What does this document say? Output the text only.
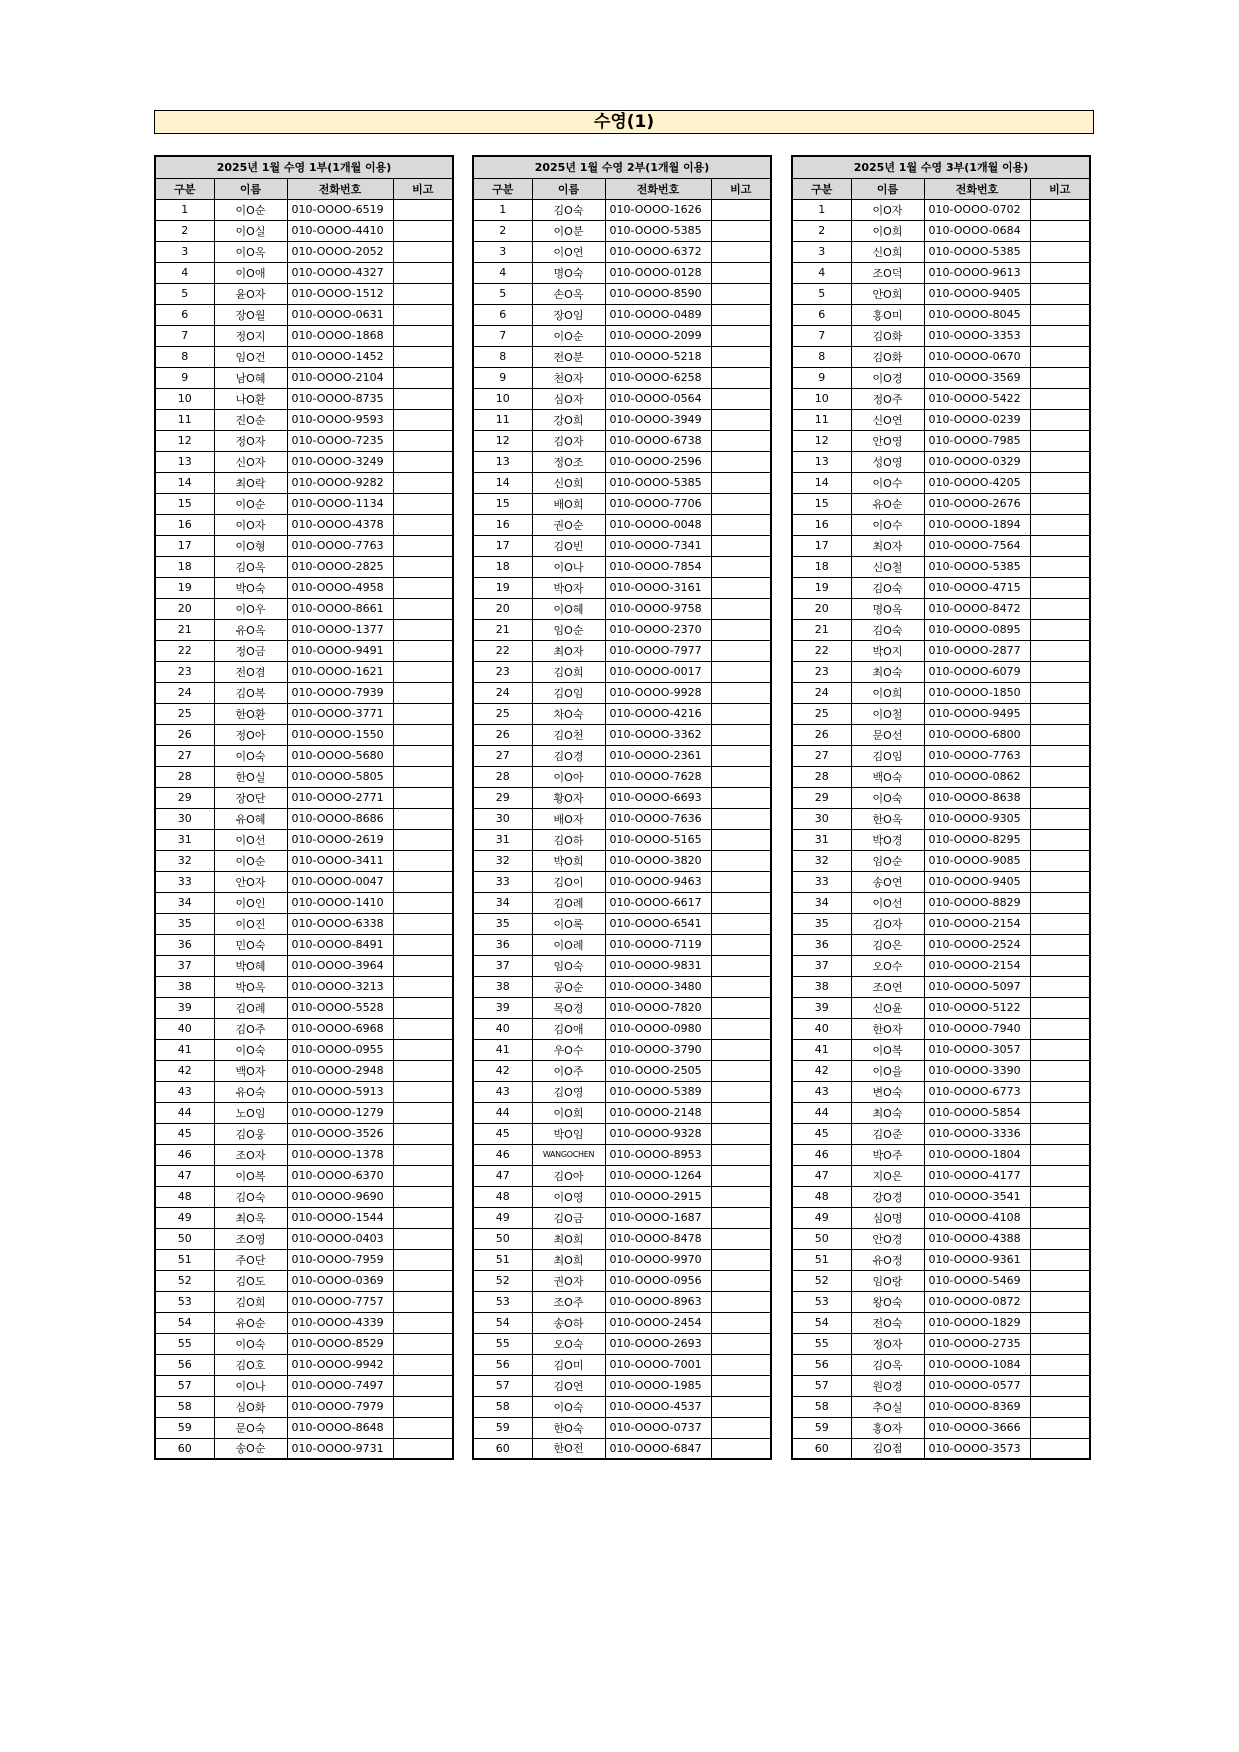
수영(1)
2025년 1월 수영 1부(1개월 이용)			
구분	이름	전화번호	비고
1	이O순	010-OOOO-6519	
2	이O실	010-OOOO-4410	
3	이O옥	010-OOOO-2052	
4	이O애	010-OOOO-4327	
5	윤O자	010-OOOO-1512	
6	장O월	010-OOOO-0631	
7	정O지	010-OOOO-1868	
8	임O건	010-OOOO-1452	
9	남O혜	010-OOOO-2104	
10	나O환	010-OOOO-8735	
11	진O순	010-OOOO-9593	
12	정O자	010-OOOO-7235	
13	신O자	010-OOOO-3249	
14	최O락	010-OOOO-9282	
15	이O순	010-OOOO-1134	
16	이O자	010-OOOO-4378	
17	이O형	010-OOOO-7763	
18	김O옥	010-OOOO-2825	
19	박O숙	010-OOOO-4958	
20	이O우	010-OOOO-8661	
21	유O옥	010-OOOO-1377	
22	정O금	010-OOOO-9491	
23	전O겸	010-OOOO-1621	
24	김O복	010-OOOO-7939	
25	한O환	010-OOOO-3771	
26	정O아	010-OOOO-1550	
27	이O숙	010-OOOO-5680	
28	한O실	010-OOOO-5805	
29	장O단	010-OOOO-2771	
30	유O혜	010-OOOO-8686	
31	이O선	010-OOOO-2619	
32	이O순	010-OOOO-3411	
33	안O자	010-OOOO-0047	
34	이O인	010-OOOO-1410	
35	이O진	010-OOOO-6338	
36	민O숙	010-OOOO-8491	
37	박O혜	010-OOOO-3964	
38	박O옥	010-OOOO-3213	
39	김O례	010-OOOO-5528	
40	김O주	010-OOOO-6968	
41	이O숙	010-OOOO-0955	
42	백O자	010-OOOO-2948	
43	유O숙	010-OOOO-5913	
44	노O임	010-OOOO-1279	
45	김O웅	010-OOOO-3526	
46	조O자	010-OOOO-1378	
47	이O복	010-OOOO-6370	
48	김O숙	010-OOOO-9690	
49	최O옥	010-OOOO-1544	
50	조O영	010-OOOO-0403	
51	주O단	010-OOOO-7959	
52	김O도	010-OOOO-0369	
53	김O희	010-OOOO-7757	
54	유O순	010-OOOO-4339	
55	이O숙	010-OOOO-8529	
56	김O호	010-OOOO-9942	
57	이O나	010-OOOO-7497	
58	심O화	010-OOOO-7979	
59	문O숙	010-OOOO-8648	
60	송O순	010-OOOO-9731	
2025년 1월 수영 2부(1개월 이용)			
구분	이름	전화번호	비고
1	김O숙	010-OOOO-1626	
2	이O분	010-OOOO-5385	
3	이O연	010-OOOO-6372	
4	명O숙	010-OOOO-0128	
5	손O옥	010-OOOO-8590	
6	장O임	010-OOOO-0489	
7	이O순	010-OOOO-2099	
8	전O분	010-OOOO-5218	
9	천O자	010-OOOO-6258	
10	심O자	010-OOOO-0564	
11	강O희	010-OOOO-3949	
12	김O자	010-OOOO-6738	
13	정O조	010-OOOO-2596	
14	신O희	010-OOOO-5385	
15	배O희	010-OOOO-7706	
16	권O순	010-OOOO-0048	
17	김O빈	010-OOOO-7341	
18	이O나	010-OOOO-7854	
19	박O자	010-OOOO-3161	
20	이O혜	010-OOOO-9758	
21	임O순	010-OOOO-2370	
22	최O자	010-OOOO-7977	
23	김O희	010-OOOO-0017	
24	김O임	010-OOOO-9928	
25	차O숙	010-OOOO-4216	
26	김O천	010-OOOO-3362	
27	김O경	010-OOOO-2361	
28	이O아	010-OOOO-7628	
29	황O자	010-OOOO-6693	
30	배O자	010-OOOO-7636	
31	김O하	010-OOOO-5165	
32	박O희	010-OOOO-3820	
33	김O이	010-OOOO-9463	
34	김O례	010-OOOO-6617	
35	이O록	010-OOOO-6541	
36	이O례	010-OOOO-7119	
37	임O숙	010-OOOO-9831	
38	공O순	010-OOOO-3480	
39	목O경	010-OOOO-7820	
40	김O애	010-OOOO-0980	
41	우O수	010-OOOO-3790	
42	이O주	010-OOOO-2505	
43	김O영	010-OOOO-5389	
44	이O희	010-OOOO-2148	
45	박O임	010-OOOO-9328	
46	WANGOCHEN	010-OOOO-8953	
47	김O아	010-OOOO-1264	
48	이O영	010-OOOO-2915	
49	김O금	010-OOOO-1687	
50	최O희	010-OOOO-8478	
51	최O희	010-OOOO-9970	
52	권O자	010-OOOO-0956	
53	조O주	010-OOOO-8963	
54	송O하	010-OOOO-2454	
55	오O숙	010-OOOO-2693	
56	김O미	010-OOOO-7001	
57	김O연	010-OOOO-1985	
58	이O숙	010-OOOO-4537	
59	한O숙	010-OOOO-0737	
60	한O전	010-OOOO-6847	
2025년 1월 수영 3부(1개월 이용)			
구분	이름	전화번호	비고
1	이O자	010-OOOO-0702	
2	이O희	010-OOOO-0684	
3	신O희	010-OOOO-5385	
4	조O덕	010-OOOO-9613	
5	안O희	010-OOOO-9405	
6	홍O미	010-OOOO-8045	
7	김O화	010-OOOO-3353	
8	김O화	010-OOOO-0670	
9	이O경	010-OOOO-3569	
10	정O주	010-OOOO-5422	
11	신O연	010-OOOO-0239	
12	안O영	010-OOOO-7985	
13	성O영	010-OOOO-0329	
14	이O수	010-OOOO-4205	
15	유O순	010-OOOO-2676	
16	이O수	010-OOOO-1894	
17	최O자	010-OOOO-7564	
18	신O철	010-OOOO-5385	
19	김O숙	010-OOOO-4715	
20	명O옥	010-OOOO-8472	
21	김O숙	010-OOOO-0895	
22	박O지	010-OOOO-2877	
23	최O숙	010-OOOO-6079	
24	이O희	010-OOOO-1850	
25	이O철	010-OOOO-9495	
26	문O선	010-OOOO-6800	
27	김O임	010-OOOO-7763	
28	백O숙	010-OOOO-0862	
29	이O숙	010-OOOO-8638	
30	한O옥	010-OOOO-9305	
31	박O경	010-OOOO-8295	
32	임O순	010-OOOO-9085	
33	송O연	010-OOOO-9405	
34	이O선	010-OOOO-8829	
35	김O자	010-OOOO-2154	
36	김O은	010-OOOO-2524	
37	오O수	010-OOOO-2154	
38	조O연	010-OOOO-5097	
39	신O윤	010-OOOO-5122	
40	한O자	010-OOOO-7940	
41	이O복	010-OOOO-3057	
42	이O을	010-OOOO-3390	
43	변O숙	010-OOOO-6773	
44	최O숙	010-OOOO-5854	
45	김O준	010-OOOO-3336	
46	박O주	010-OOOO-1804	
47	지O은	010-OOOO-4177	
48	강O경	010-OOOO-3541	
49	심O명	010-OOOO-4108	
50	안O경	010-OOOO-4388	
51	유O정	010-OOOO-9361	
52	임O랑	010-OOOO-5469	
53	왕O숙	010-OOOO-0872	
54	전O숙	010-OOOO-1829	
55	정O자	010-OOOO-2735	
56	김O옥	010-OOOO-1084	
57	원O경	010-OOOO-0577	
58	추O실	010-OOOO-8369	
59	홍O자	010-OOOO-3666	
60	김O점	010-OOOO-3573	
